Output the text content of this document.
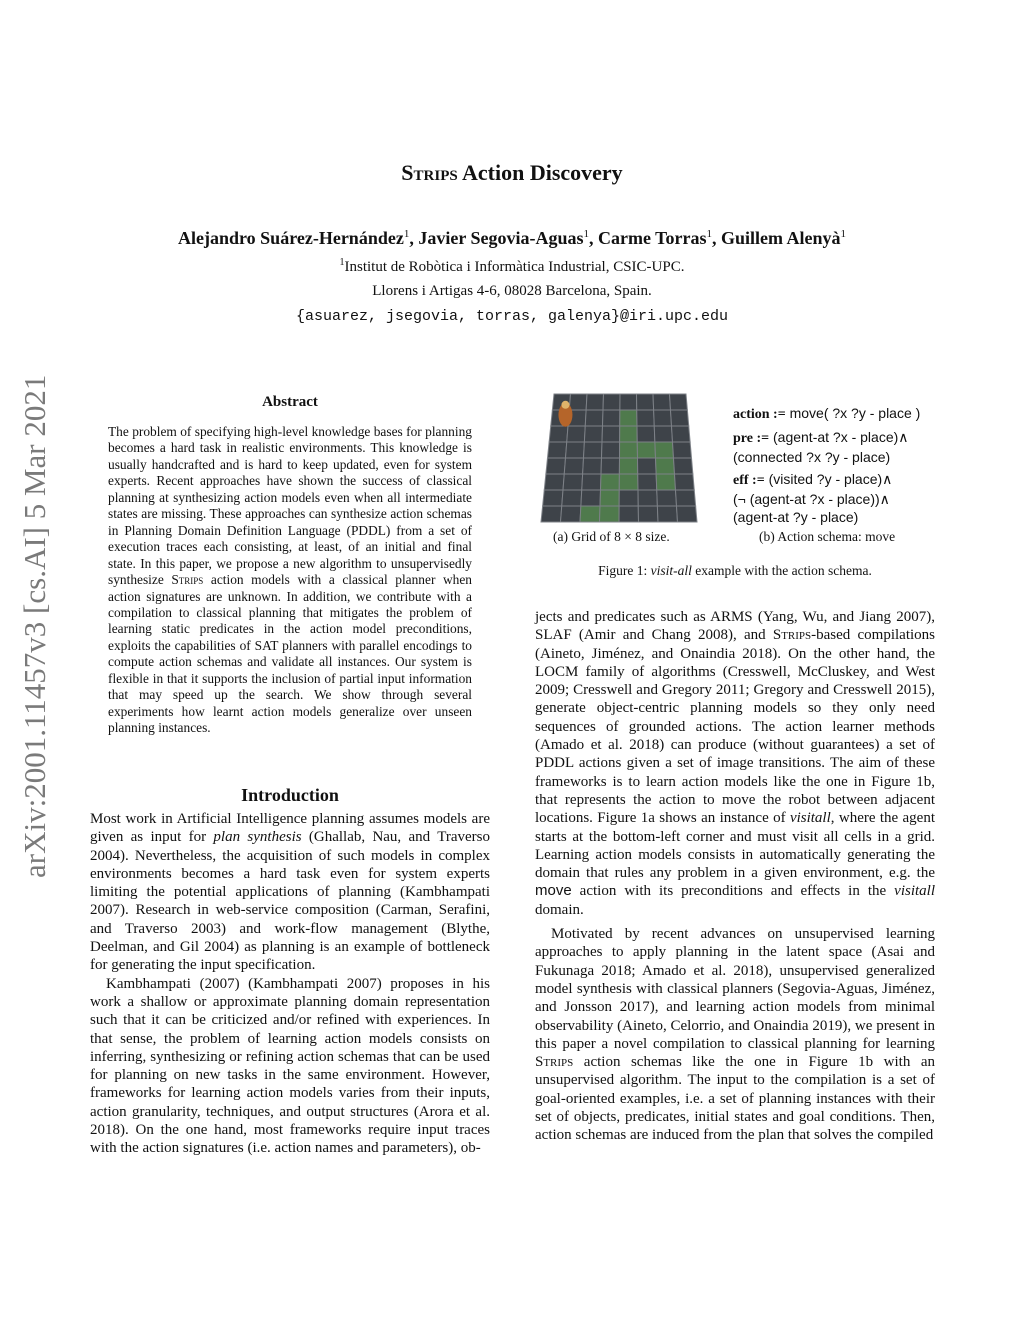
Strips Action Discovery
Alejandro Suárez-Hernández$^1$, Javier Segovia-Aguas$^1$, Carme Torras$^1$, Guillem Alenyà$^1$
$^1$Institut de Robòtica i Informàtica Industrial, CSIC-UPC.
Llorens i Artigas 4-6, 08028 Barcelona, Spain.
{asuarez, jsegovia, torras, galenya}@iri.upc.edu
arXiv:2001.11457v3 [cs.AI] 5 Mar 2021	Abstract
The problem of specifying high-level knowledge bases for planning becomes a hard task in realistic environments. This knowledge is usually handcrafted and is hard to keep updated, even for system experts. Recent approaches have shown the success of classical planning at synthesizing action models even when all intermediate states are missing. These approaches can synthesize action schemas in Planning Domain Definition Language (PDDL) from a set of execution traces each consisting, at least, of an initial and final state. In this paper, we propose a new algorithm to unsupervisedly synthesize Strips action models with a classical planner when action signatures are unknown. In addition, we contribute with a compilation to classical planning that mitigates the problem of learning static predicates in the action model preconditions, exploits the capabilities of SAT planners with parallel encodings to compute action schemas and validate all instances. Our system is flexible in that it supports the inclusion of partial input information that may speed up the search. We show through several experiments how learnt action models generalize over unseen planning instances.
Introduction

Most work in Artificial Intelligence planning assumes models are given as input for plan synthesis (Ghallab, Nau, and Traverso 2004). Nevertheless, the acquisition of such models in complex environments becomes a hard task even for system experts limiting the potential applications of planning (Kambhampati 2007). Research in web-service composition (Carman, Serafini, and Traverso 2003) and work-flow management (Blythe, Deelman, and Gil 2004) as planning is an example of bottleneck for generating the input specification.

Kambhampati (2007) (Kambhampati 2007) proposes in his work a shallow or approximate planning domain representation such that it can be criticized and/or refined with experiences. In that sense, the problem of learning action models consists on inferring, synthesizing or refining action schemas that can be used for planning on new tasks in the same environment. However, frameworks for learning action models varies from their inputs, action granularity, techniques, and output structures (Arora et al. 2018). On the one hand, most frameworks require input traces with the action signatures (i.e. action names and parameters), ob-

action := move( ?x ?y - place )
pre := (agent-at ?x - place)∧
(connected ?x ?y - place)
eff := (visited ?y - place)∧
(¬ (agent-at ?x - place))∧
(agent-at ?y - place)
(a) Grid of 8 × 8 size.	(b) Action schema: move
Figure 1: visit-all example with the action schema.

jects and predicates such as ARMS (Yang, Wu, and Jiang 2007), SLAF (Amir and Chang 2008), and Strips-based compilations (Aineto, Jiménez, and Onaindia 2018). On the other hand, the LOCM family of algorithms (Cresswell, McCluskey, and West 2009; Cresswell and Gregory 2011; Gregory and Cresswell 2015), generate object-centric planning models so they only need sequences of grounded actions. The action learner methods (Amado et al. 2018) can produce (without guarantees) a set of PDDL actions given a set of image transitions. The aim of these frameworks is to learn action models like the one in Figure 1b, that represents the action to move the robot between adjacent locations. Figure 1a shows an instance of visitall, where the agent starts at the bottom-left corner and must visit all cells in a grid. Learning action models consists in automatically generating the domain that rules any problem in a given environment, e.g. the move action with its preconditions and effects in the visitall domain.

Motivated by recent advances on unsupervised learning approaches to apply planning in the latent space (Asai and Fukunaga 2018; Amado et al. 2018), unsupervised generalized model synthesis with classical planners (Segovia-Aguas, Jiménez, and Jonsson 2017), and learning action models from minimal observability (Aineto, Celorrio, and Onaindia 2019), we present in this paper a novel compilation to classical planning for learning Strips action schemas like the one in Figure 1b with an unsupervised algorithm. The input to the compilation is a set of goal-oriented examples, i.e. a set of planning instances with their set of objects, predicates, initial states and goal conditions. Then, action schemas are induced from the plan that solves the compiled
